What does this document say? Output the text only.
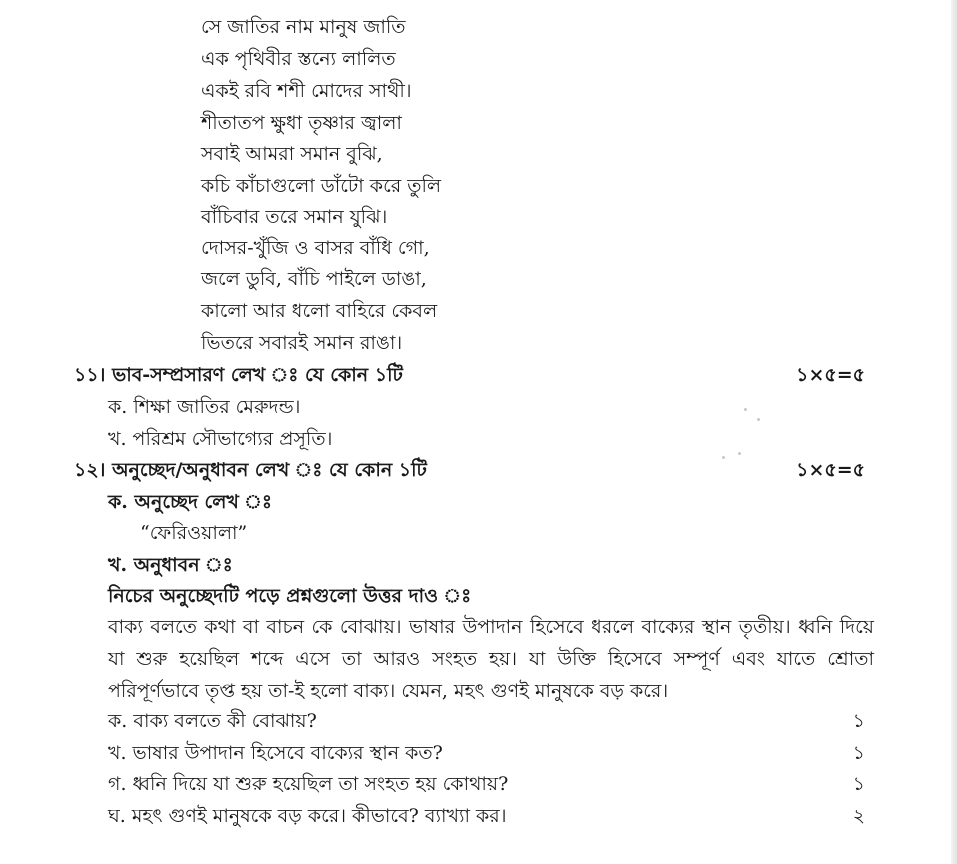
সে জাতির নাম মানুষ জাতি
এক পৃথিবীর স্তন্যে লালিত
একই রবি শশী মোদের সাথী।
শীতাতপ ক্ষুধা তৃষ্ণার জ্বালা
সবাই আমরা সমান বুঝি,
কচি কাঁচাগুলো ডাঁটো করে তুলি
বাঁচিবার তরে সমান যুঝি।
দোসর-খুঁজি ও বাসর বাঁধি গো,
জলে ডুবি, বাঁচি পাইলে ডাঙা,
কালো আর ধলো বাহিরে কেবল
ভিতরে সবারই সমান রাঙা।
১১। ভাব-সম্প্রসারণ লেখ ঃ যে কোন ১টি	১×৫=৫
ক. শিক্ষা জাতির মেরুদন্ড।
খ. পরিশ্রম সৌভাগ্যের প্রসূতি।
১২। অনুচ্ছেদ/অনুধাবন লেখ ঃ যে কোন ১টি	১×৫=৫
ক. অনুচ্ছেদ লেখ ঃ
“ফেরিওয়ালা”
খ. অনুধাবন ঃ
নিচের অনুচ্ছেদটি পড়ে প্রশ্নগুলো উত্তর দাও ঃ
বাক্য বলতে কথা বা বাচন কে বোঝায়। ভাষার উপাদান হিসেবে ধরলে বাক্যের স্থান তৃতীয়। ধ্বনি দিয়ে যা শুরু হয়েছিল শব্দে এসে তা আরও সংহত হয়। যা উক্তি হিসেবে সম্পূর্ণ এবং যাতে শ্রোতা পরিপূর্ণভাবে তৃপ্ত হয় তা-ই হলো বাক্য। যেমন, মহৎ গুণই মানুষকে বড় করে।
ক. বাক্য বলতে কী বোঝায়?	১
খ. ভাষার উপাদান হিসেবে বাক্যের স্থান কত?	১
গ. ধ্বনি দিয়ে যা শুরু হয়েছিল তা সংহত হয় কোথায়?	১
ঘ. মহৎ গুণই মানুষকে বড় করে। কীভাবে? ব্যাখ্যা কর।	২
